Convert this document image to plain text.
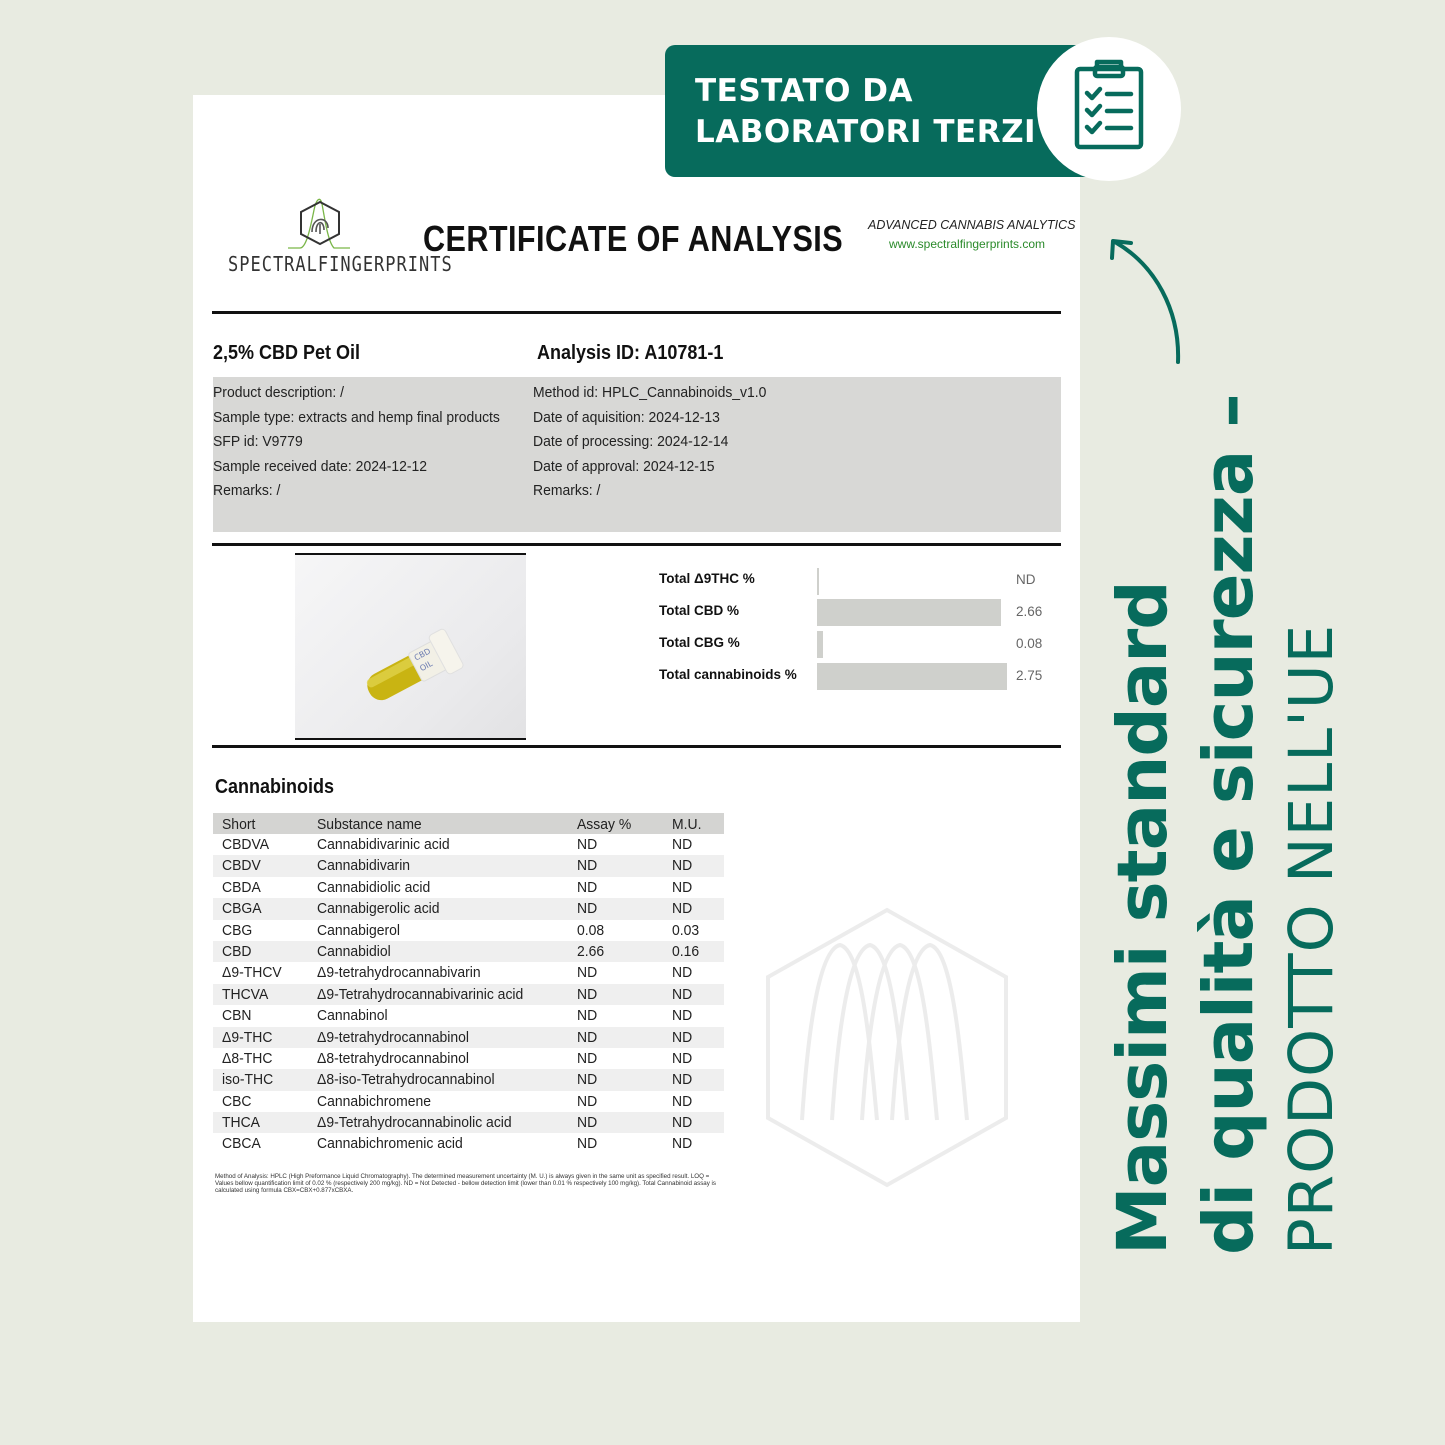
TESTATO DA
LABORATORI TERZI
Massimi standard di qualità e sicurezza – PRODOTTO NELL'UE
SPECTRALFINGERPRINTS
CERTIFICATE OF ANALYSIS ADVANCED CANNABIS ANALYTICS
www.spectralfingerprints.com
2,5% CBD Pet Oil	Analysis ID: A10781-1
Product description: /
Sample type: extracts and hemp final products
SFP id: V9779
Sample received date: 2024-12-12
Remarks: /
Method id: HPLC_Cannabinoids_v1.0
Date of aquisition: 2024-12-13
Date of processing: 2024-12-14
Date of approval: 2024-12-15
Remarks: /
CBD
OIL
Total Δ9THC %	ND
Total CBD %	2.66
Total CBG %	0.08
Total cannabinoids %	2.75
Cannabinoids
Short	Substance name	Assay %	M.U.
CBDVA	Cannabidivarinic acid	ND	ND
CBDV	Cannabidivarin	ND	ND
CBDA	Cannabidiolic acid	ND	ND
CBGA	Cannabigerolic acid	ND	ND
CBG	Cannabigerol	0.08	0.03
CBD	Cannabidiol	2.66	0.16
Δ9-THCV Δ9-tetrahydrocannabivarin	ND	ND
THCVA	Δ9-Tetrahydrocannabivarinic acid	ND	ND
CBN	Cannabinol	ND	ND
Δ9-THC	Δ9-tetrahydrocannabinol	ND	ND
Δ8-THC	Δ8-tetrahydrocannabinol	ND	ND
iso-THC	Δ8-iso-Tetrahydrocannabinol	ND	ND
CBC	Cannabichromene	ND	ND
THCA	Δ9-Tetrahydrocannabinolic acid	ND	ND
CBCA	Cannabichromenic acid	ND	ND
Method of Analysis: HPLC (High Preformance Liquid Chromatography). The determined measurement uncertainty (M. U.) is always given in the same unit as specified result. LOQ = Values bellow quantification limit of 0.02 % (respectively 200 mg/kg). ND = Not Detected - bellow detection limit (lower than 0.01 % respectively 100 mg/kg). Total Cannabinoid assay is calculated using formula CBX=CBX+0.877xCBXA.
